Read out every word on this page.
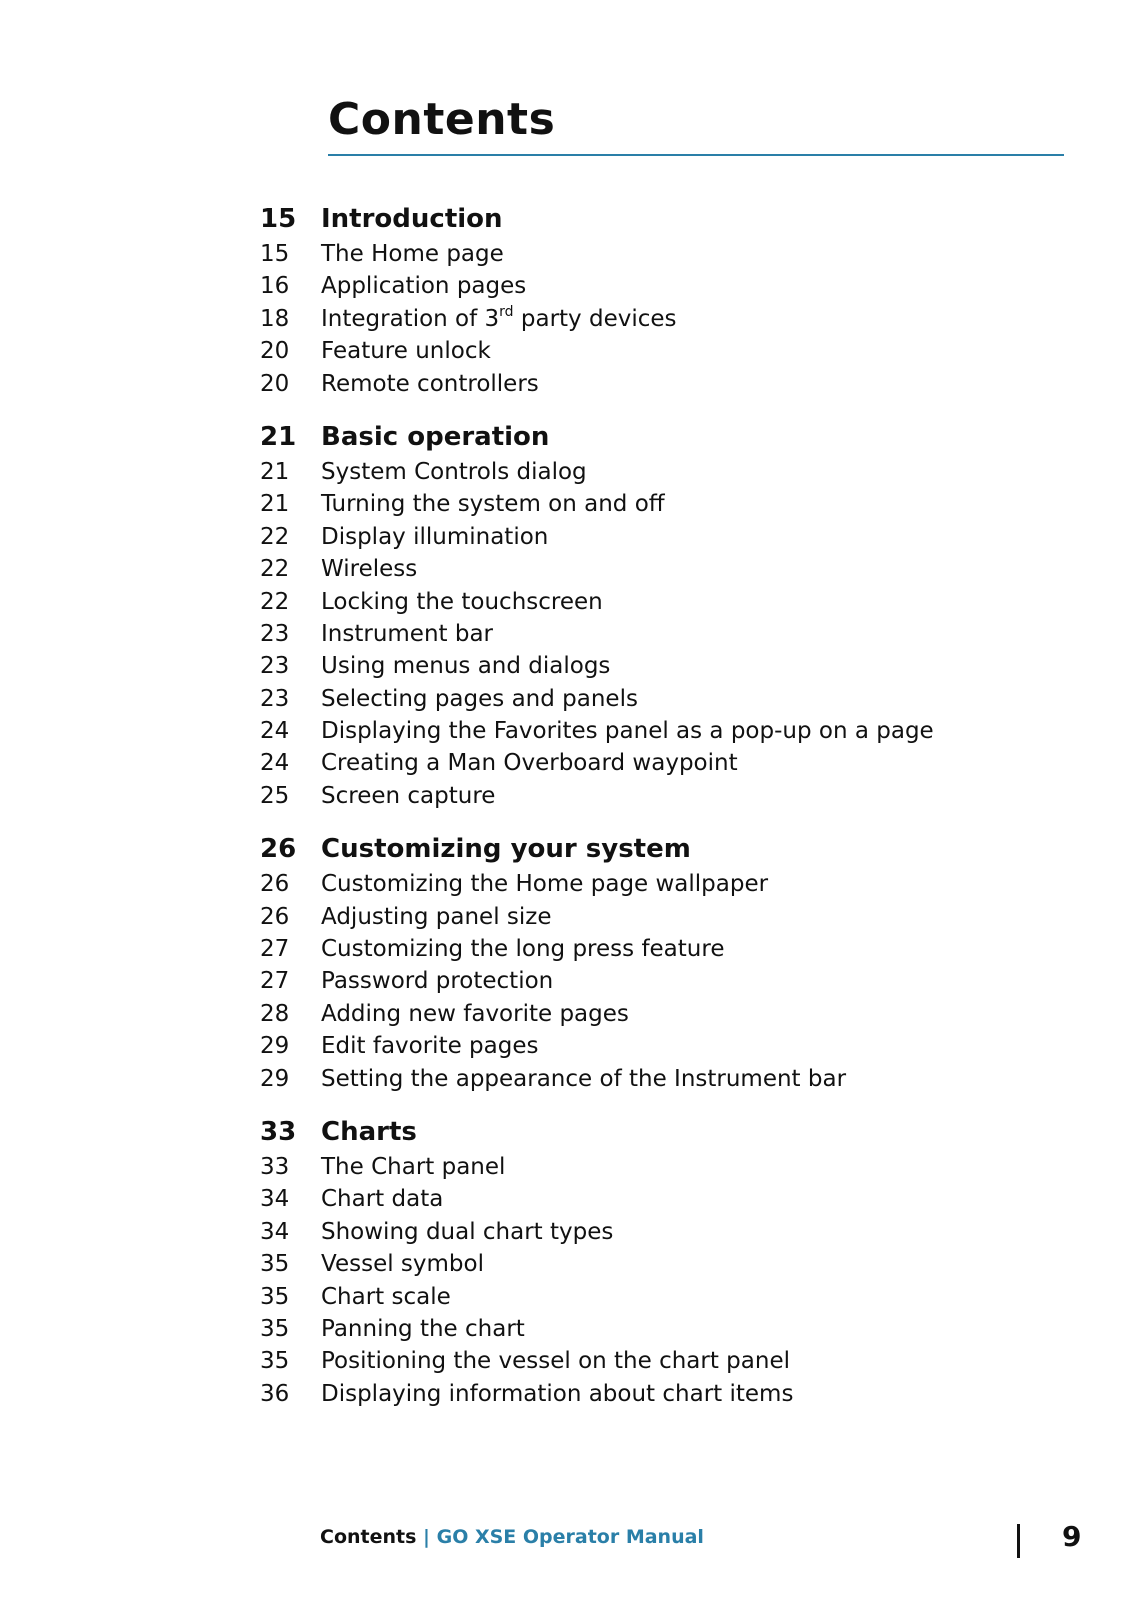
Contents
15 Introduction
15	The Home page
16	Application pages
18	Integration of 3rd party devices
20	Feature unlock
20	Remote controllers
21 Basic operation
21	System Controls dialog
21	Turning the system on and off
22	Display illumination
22	Wireless
22	Locking the touchscreen
23	Instrument bar
23	Using menus and dialogs
23	Selecting pages and panels
24	Displaying the Favorites panel as a pop-up on a page
24	Creating a Man Overboard waypoint
25	Screen capture
26 Customizing your system
26	Customizing the Home page wallpaper
26	Adjusting panel size
27	Customizing the long press feature
27	Password protection
28	Adding new favorite pages
29	Edit favorite pages
29	Setting the appearance of the Instrument bar
33 Charts
33	The Chart panel
34	Chart data
34	Showing dual chart types
35	Vessel symbol
35	Chart scale
35	Panning the chart
35	Positioning the vessel on the chart panel
36	Displaying information about chart items
Contents | GO XSE Operator Manual	9
